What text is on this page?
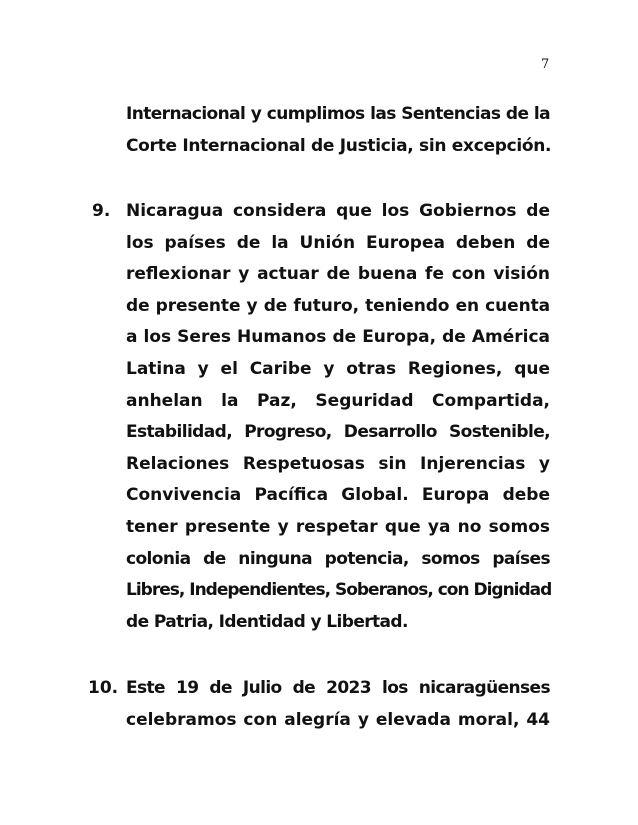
7
Internacional y cumplimos las Sentencias de la
Corte Internacional de Justicia, sin excepción.
9. Nicaragua considera que los Gobiernos de
los países de la Unión Europea deben de
reflexionar y actuar de buena fe con visión
de presente y de futuro, teniendo en cuenta
a los Seres Humanos de Europa, de América
Latina y el Caribe y otras Regiones, que
anhelan la Paz, Seguridad Compartida,
Estabilidad, Progreso, Desarrollo Sostenible,
Relaciones Respetuosas sin Injerencias y
Convivencia Pacífica Global. Europa debe
tener presente y respetar que ya no somos
colonia de ninguna potencia, somos países
Libres, Independientes, Soberanos, con Dignidad
de Patria, Identidad y Libertad.
10. Este 19 de Julio de 2023 los nicaragüenses
celebramos con alegría y elevada moral, 44
